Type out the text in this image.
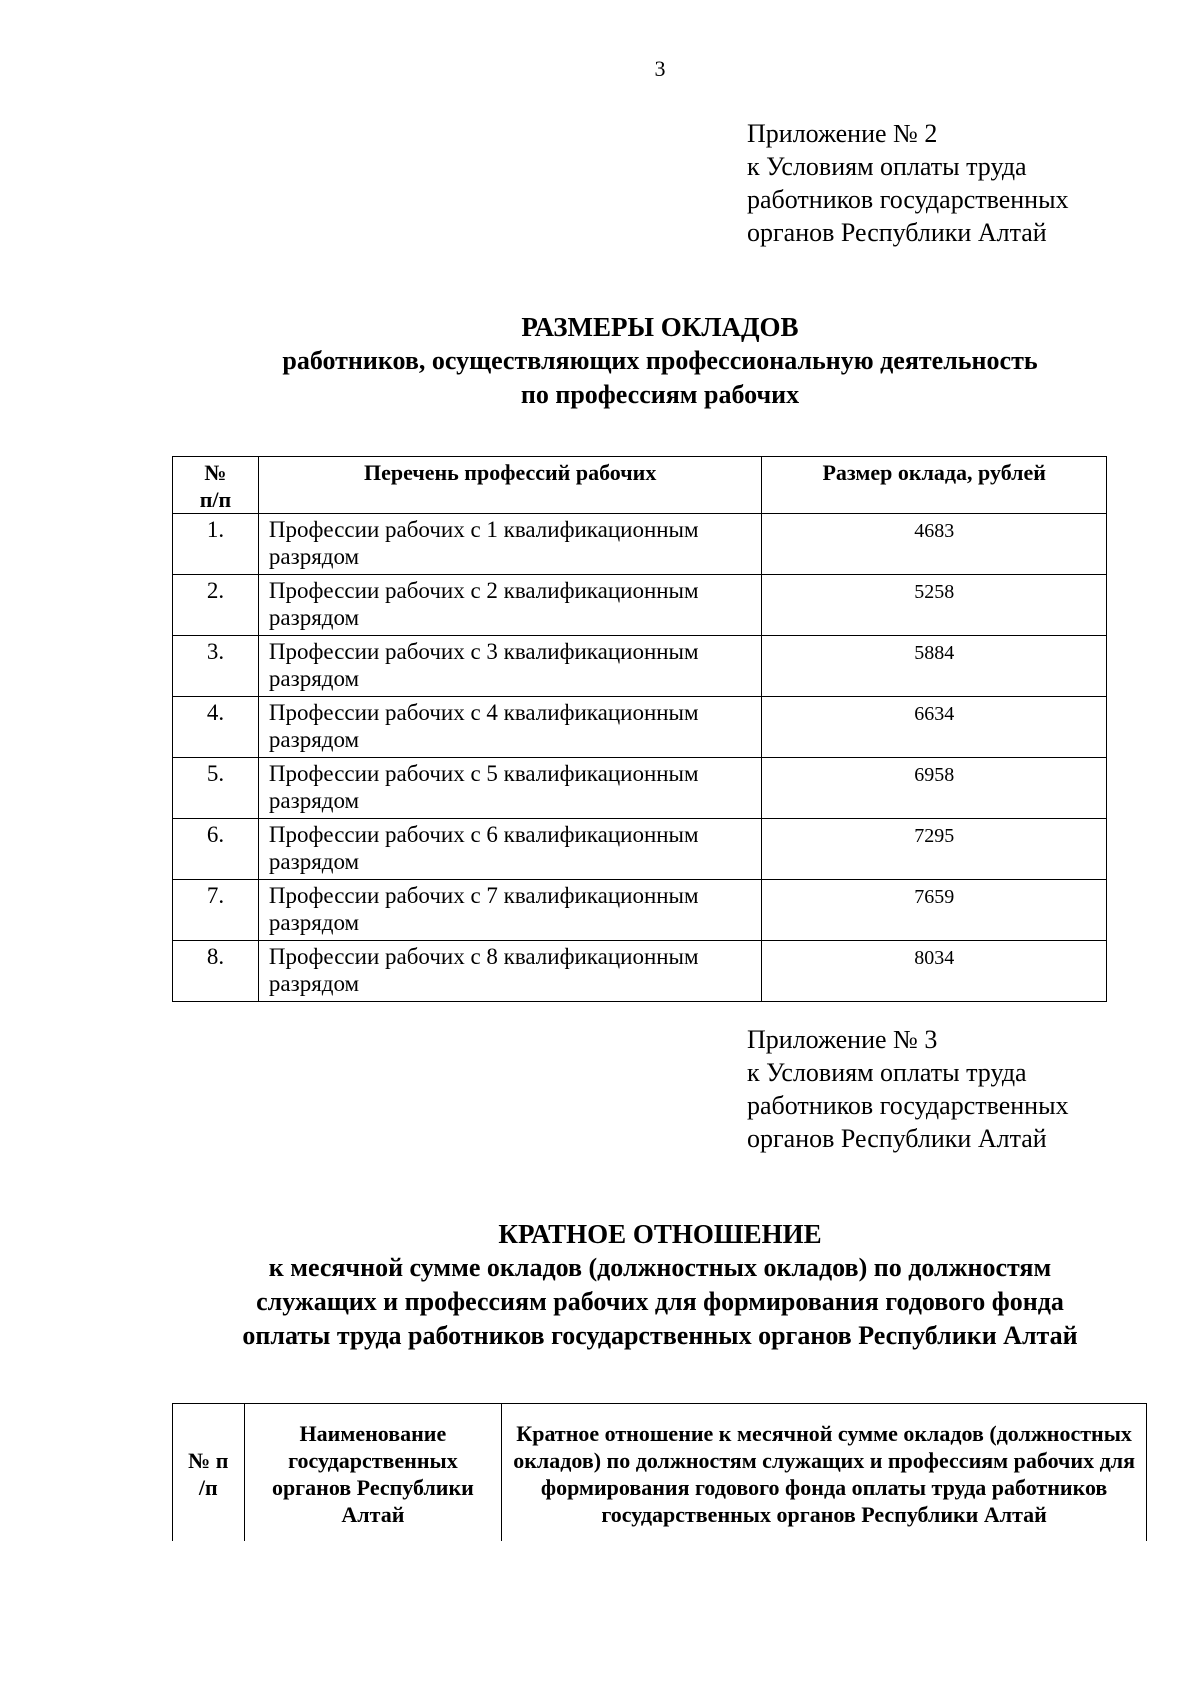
3
Приложение № 2
к Условиям оплаты труда
работников государственных
органов Республики Алтай
РАЗМЕРЫ ОКЛАДОВ
работников, осуществляющих профессиональную деятельность
по профессиям рабочих
№ п/п	Перечень профессий рабочих	Размер оклада, рублей
1.	Профессии рабочих с 1 квалификационным разрядом	4683
2.	Профессии рабочих с 2 квалификационным разрядом	5258
3.	Профессии рабочих с 3 квалификационным разрядом	5884
4.	Профессии рабочих с 4 квалификационным разрядом	6634
5.	Профессии рабочих с 5 квалификационным разрядом	6958
6.	Профессии рабочих с 6 квалификационным разрядом	7295
7.	Профессии рабочих с 7 квалификационным разрядом	7659
8.	Профессии рабочих с 8 квалификационным разрядом	8034
Приложение № 3
к Условиям оплаты труда
работников государственных
органов Республики Алтай
КРАТНОЕ ОТНОШЕНИЕ
к месячной сумме окладов (должностных окладов) по должностям
служащих и профессиям рабочих для формирования годового фонда
оплаты труда работников государственных органов Республики Алтай
№ п /п	Наименование государственных органов Республики Алтай	Кратное отношение к месячной сумме окладов (должностных окладов) по должностям служащих и профессиям рабочих для формирования годового фонда оплаты труда работников государственных органов Республики Алтай
